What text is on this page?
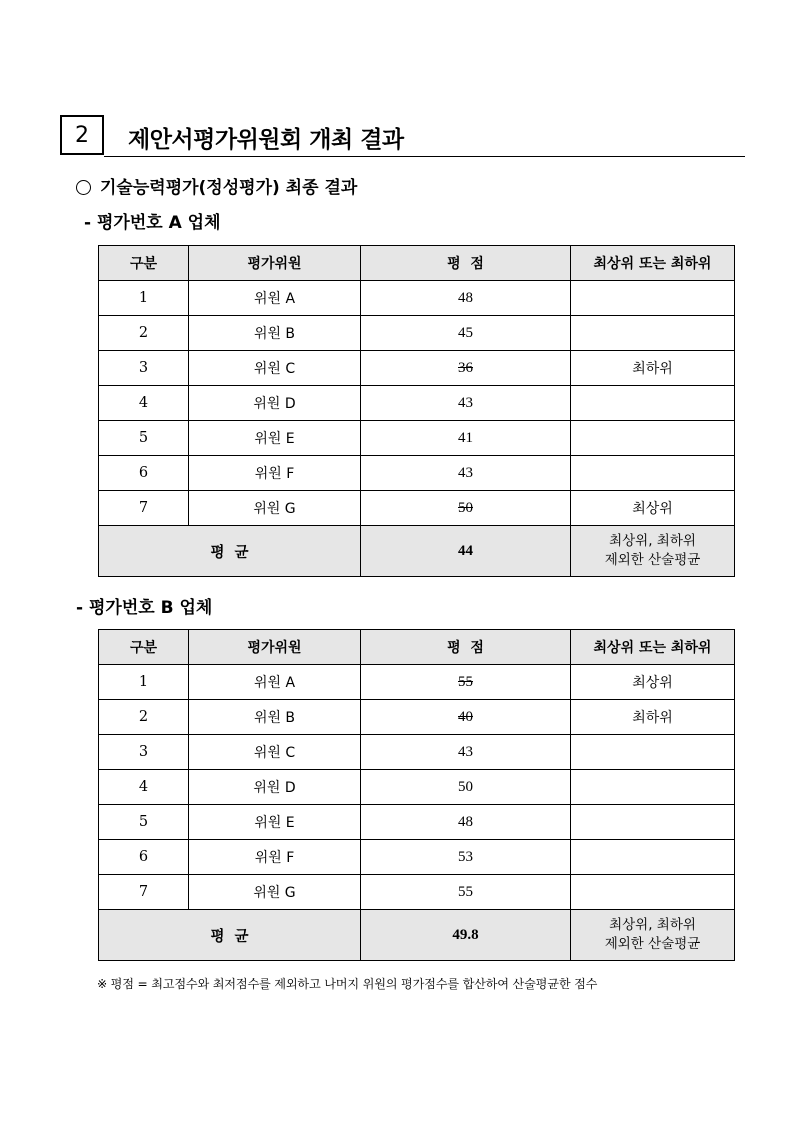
2	제안서평가위원회 개최 결과
기술능력평가(정성평가) 최종 결과
- 평가번호 A 업체
구분	평가위원	평  점	최상위 또는 최하위
1	위원 A	48	
2	위원 B	45	
3	위원 C	36	최하위
4	위원 D	43	
5	위원 E	41	
6	위원 F	43	
7	위원 G	50	최상위
평  균		44	최상위, 최하위
제외한 산술평균
- 평가번호 B 업체
구분	평가위원	평  점	최상위 또는 최하위
1	위원 A	55	최상위
2	위원 B	40	최하위
3	위원 C	43	
4	위원 D	50	
5	위원 E	48	
6	위원 F	53	
7	위원 G	55	
평  균		49.8	최상위, 최하위
제외한 산술평균
※ 평점 = 최고점수와 최저점수를 제외하고 나머지 위원의 평가점수를 합산하여 산술평균한 점수
